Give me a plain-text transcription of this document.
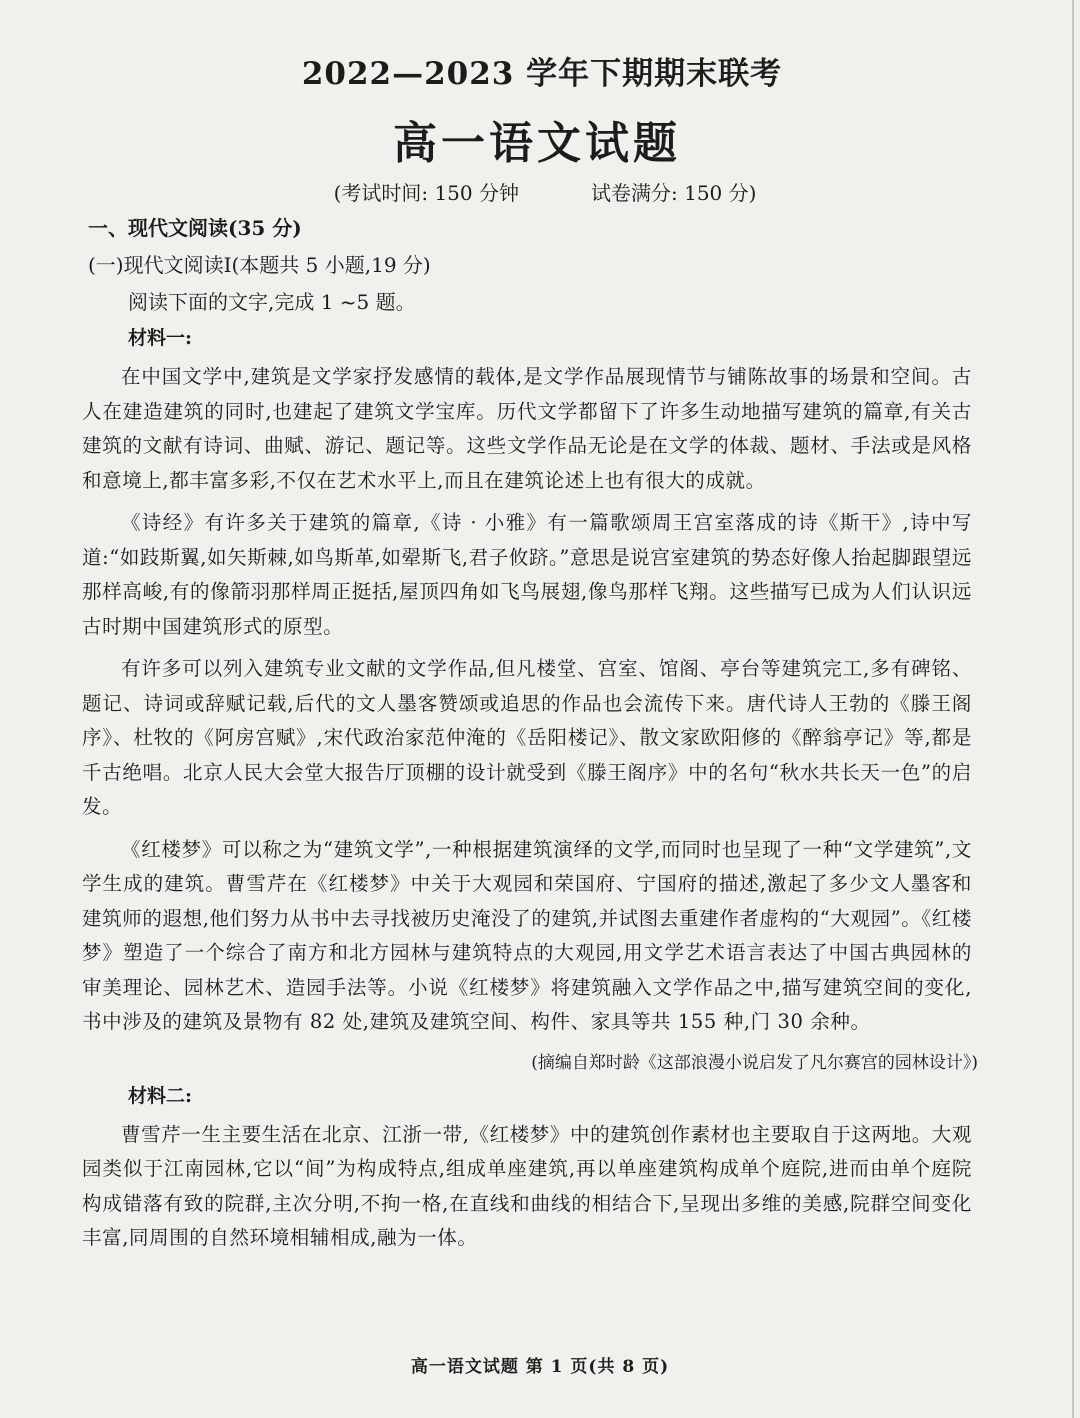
2022—2023 学年下期期末联考
高一语文试题
(考试时间: 150 分钟	试卷满分: 150 分)
一、现代文阅读(35 分)
(一)现代文阅读Ⅰ(本题共 5 小题,19 分)
阅读下面的文字,完成 1 ~5 题。
材料一:

在中国文学中,建筑是文学家抒发感情的载体,是文学作品展现情节与铺陈故事的场景和空间。古人在建造建筑的同时,也建起了建筑文学宝库。历代文学都留下了许多生动地描写建筑的篇章,有关古建筑的文献有诗词、曲赋、游记、题记等。这些文学作品无论是在文学的体裁、题材、手法或是风格和意境上,都丰富多彩,不仅在艺术水平上,而且在建筑论述上也有很大的成就。

《诗经》有许多关于建筑的篇章,《诗 · 小雅》有一篇歌颂周王宫室落成的诗《斯干》,诗中写道:“如跂斯翼,如矢斯棘,如鸟斯革,如翚斯飞,君子攸跻。”意思是说宫室建筑的势态好像人抬起脚跟望远那样高峻,有的像箭羽那样周正挺括,屋顶四角如飞鸟展翅,像鸟那样飞翔。这些描写已成为人们认识远古时期中国建筑形式的原型。

有许多可以列入建筑专业文献的文学作品,但凡楼堂、宫室、馆阁、亭台等建筑完工,多有碑铭、题记、诗词或辞赋记载,后代的文人墨客赞颂或追思的作品也会流传下来。唐代诗人王勃的《滕王阁序》、杜牧的《阿房宫赋》,宋代政治家范仲淹的《岳阳楼记》、散文家欧阳修的《醉翁亭记》等,都是千古绝唱。北京人民大会堂大报告厅顶棚的设计就受到《滕王阁序》中的名句“秋水共长天一色”的启发。

《红楼梦》可以称之为“建筑文学”,一种根据建筑演绎的文学,而同时也呈现了一种“文学建筑”,文学生成的建筑。曹雪芹在《红楼梦》中关于大观园和荣国府、宁国府的描述,激起了多少文人墨客和建筑师的遐想,他们努力从书中去寻找被历史淹没了的建筑,并试图去重建作者虚构的“大观园”。《红楼梦》塑造了一个综合了南方和北方园林与建筑特点的大观园,用文学艺术语言表达了中国古典园林的审美理论、园林艺术、造园手法等。小说《红楼梦》将建筑融入文学作品之中,描写建筑空间的变化,书中涉及的建筑及景物有 82 处,建筑及建筑空间、构件、家具等共 155 种,门 30 余种。

(摘编自郑时龄《这部浪漫小说启发了凡尔赛宫的园林设计》)
材料二:

曹雪芹一生主要生活在北京、江浙一带,《红楼梦》中的建筑创作素材也主要取自于这两地。大观园类似于江南园林,它以“间”为构成特点,组成单座建筑,再以单座建筑构成单个庭院,进而由单个庭院构成错落有致的院群,主次分明,不拘一格,在直线和曲线的相结合下,呈现出多维的美感,院群空间变化丰富,同周围的自然环境相辅相成,融为一体。

高一语文试题 第 1 页(共 8 页)
